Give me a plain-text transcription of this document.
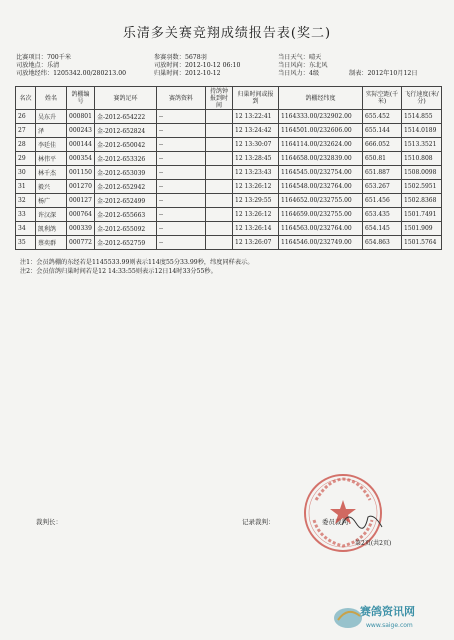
乐清多关赛竞翔成绩报告表(奖二)
比赛项目： 700千米	参赛羽数： 5678羽	当日天气： 晴天
司放地点： 乐清	司放时间： 2012-10-12 06:10	当日风向： 东北风
司放地经纬： 1205342.00/280213.00	归巢时间： 2012-10-12	当日风力： 4级	制表： 2012年10月12日
名次	姓名	鸽棚编号	赛鸽足环	赛鸽资料	持鸽钟报到时间	归巢时间或报到	鸽棚经纬度	实际空距(千米)	飞行速度(米/分)
26	吴东升	000801	金-2012-654222	--		12 13:22:41	1164333.00/232902.00	655.452	1514.855
27	泽	000243	金-2012-652824	--		12 13:24:42	1164501.00/232606.00	655.144	1514.0189
28	李廷佳	000144	金-2012-650042	--		12 13:30:07	1164114.00/232624.00	666.052	1513.3521
29	林伟平	000354	金-2012-653326	--		12 13:28:45	1164658.00/232839.00	650.81	1510.808
30	林千杰	001150	金-2012-653039	--		12 13:23:43	1164545.00/232754.00	651.887	1508.0098
31	毅兴	001270	金-2012-652942	--		12 13:26:12	1164548.00/232764.00	653.267	1502.5951
32	杨广	000127	金-2012-652499	--		12 13:29:55	1164652.00/232755.00	651.456	1502.8368
33	许汉深	000764	金-2012-655663	--		12 13:26:12	1164659.00/232755.00	653.435	1501.7491
34	凯利鸽	000339	金-2012-655092	--		12 13:26:14	1164563.00/232764.00	654.145	1501.909
35	蔡奕群	000772	金-2012-652759	--		12 13:26:07	1164546.00/232749.00	654.863	1501.5764
注1：会员鸽棚的东经若是1145533.99则表示114度55分33.99秒，纬度同样表示。
注2：会员信鸽归巢时间若是12 14:33:55则表示12日14时33分55秒。
裁判长：	记录裁判：	委员裁判：
第2页(共2页)
赛鸽资讯网
www.saige.com
